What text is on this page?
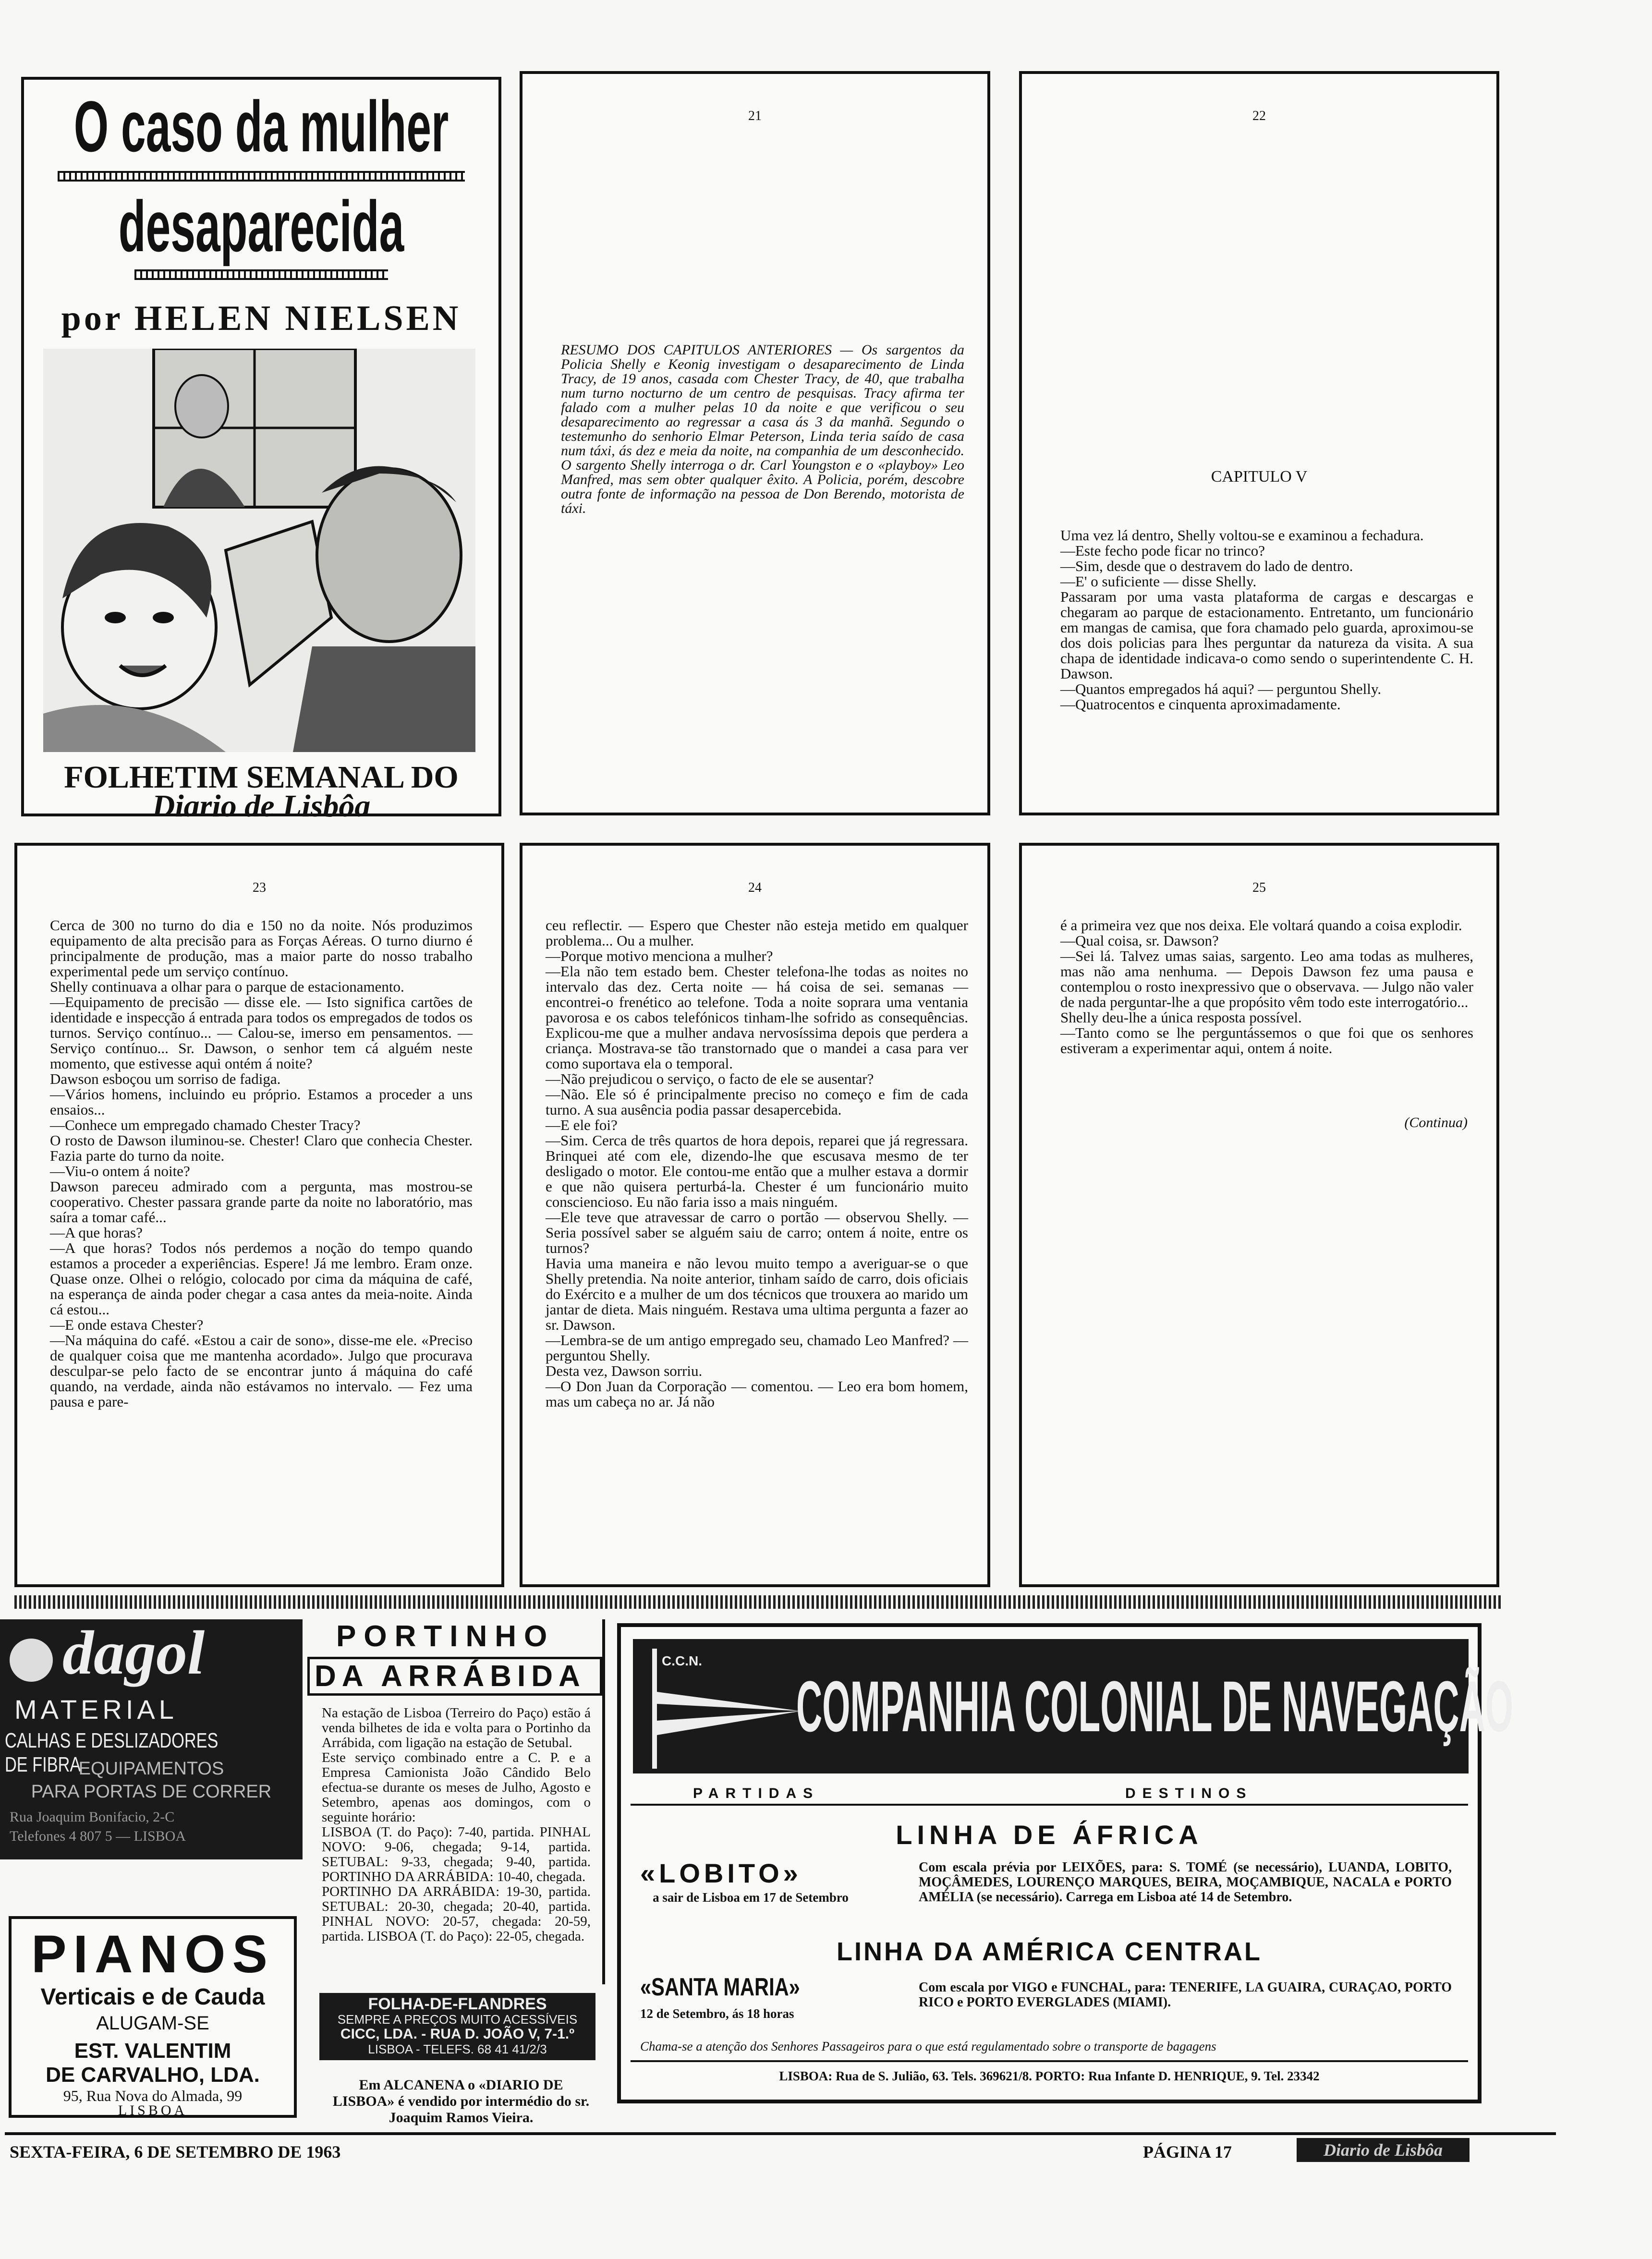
O caso da mulher
desaparecida
por HELEN NIELSEN
FOLHETIM SEMANAL DO
Diario de Lisbôa
21
RESUMO DOS CAPITULOS ANTERIORES — Os sargentos da Policia Shelly e Keonig investigam o desaparecimento de Linda Tracy, de 19 anos, casada com Chester Tracy, de 40, que trabalha num turno nocturno de um centro de pesquisas. Tracy afirma ter falado com a mulher pelas 10 da noite e que verificou o seu desaparecimento ao regressar a casa ás 3 da manhã. Segundo o testemunho do senhorio Elmar Peterson, Linda teria saído de casa num táxi, ás dez e meia da noite, na companhia de um desconhecido. O sargento Shelly interroga o dr. Carl Youngston e o «playboy» Leo Manfred, mas sem obter qualquer êxito. A Policia, porém, descobre outra fonte de informação na pessoa de Don Berendo, motorista de táxi.
22
CAPITULO V
Uma vez lá dentro, Shelly voltou-se e examinou a fechadura.
—Este fecho pode ficar no trinco?
—Sim, desde que o destravem do lado de dentro.
—E' o suficiente — disse Shelly.
Passaram por uma vasta plataforma de cargas e descargas e chegaram ao parque de estacionamento. Entretanto, um funcionário em mangas de camisa, que fora chamado pelo guarda, aproximou-se dos dois policias para lhes perguntar da natureza da visita. A sua chapa de identidade indicava-o como sendo o superintendente C. H. Dawson.
—Quantos empregados há aqui? — perguntou Shelly.
—Quatrocentos e cinquenta aproximadamente.
23
Cerca de 300 no turno do dia e 150 no da noite. Nós produzimos equipamento de alta precisão para as Forças Aéreas. O turno diurno é principalmente de produção, mas a maior parte do nosso trabalho experimental pede um serviço contínuo.
Shelly continuava a olhar para o parque de estacionamento.
—Equipamento de precisão — disse ele. — Isto significa cartões de identidade e inspecção á entrada para todos os empregados de todos os turnos. Serviço contínuo... — Calou-se, imerso em pensamentos. — Serviço contínuo... Sr. Dawson, o senhor tem cá alguém neste momento, que estivesse aqui ontém á noite?
Dawson esboçou um sorriso de fadiga.
—Vários homens, incluindo eu próprio. Estamos a proceder a uns ensaios...
—Conhece um empregado chamado Chester Tracy?
O rosto de Dawson iluminou-se. Chester! Claro que conhecia Chester. Fazia parte do turno da noite.
—Viu-o ontem á noite?
Dawson pareceu admirado com a pergunta, mas mostrou-se cooperativo. Chester passara grande parte da noite no laboratório, mas saíra a tomar café...
—A que horas?
—A que horas? Todos nós perdemos a noção do tempo quando estamos a proceder a experiências. Espere! Já me lembro. Eram onze. Quase onze. Olhei o relógio, colocado por cima da máquina de café, na esperança de ainda poder chegar a casa antes da meia-noite. Ainda cá estou...
—E onde estava Chester?
—Na máquina do café. «Estou a cair de sono», disse-me ele. «Preciso de qualquer coisa que me mantenha acordado». Julgo que procurava desculpar-se pelo facto de se encontrar junto á máquina do café quando, na verdade, ainda não estávamos no intervalo. — Fez uma pausa e pare-
24
ceu reflectir. — Espero que Chester não esteja metido em qualquer problema... Ou a mulher.
—Porque motivo menciona a mulher?
—Ela não tem estado bem. Chester telefona-lhe todas as noites no intervalo das dez. Certa noite — há coisa de sei. semanas — encontrei-o frenético ao telefone. Toda a noite soprara uma ventania pavorosa e os cabos telefónicos tinham-lhe sofrido as consequências. Explicou-me que a mulher andava nervosíssima depois que perdera a criança. Mostrava-se tão transtornado que o mandei a casa para ver como suportava ela o temporal.
—Não prejudicou o serviço, o facto de ele se ausentar?
—Não. Ele só é principalmente preciso no começo e fim de cada turno. A sua ausência podia passar desapercebida.
—E ele foi?
—Sim. Cerca de três quartos de hora depois, reparei que já regressara. Brinquei até com ele, dizendo-lhe que escusava mesmo de ter desligado o motor. Ele contou-me então que a mulher estava a dormir e que não quisera perturbá-la. Chester é um funcionário muito consciencioso. Eu não faria isso a mais ninguém.
—Ele teve que atravessar de carro o portão — observou Shelly. — Seria possível saber se alguém saiu de carro; ontem á noite, entre os turnos?
Havia uma maneira e não levou muito tempo a averiguar-se o que Shelly pretendia. Na noite anterior, tinham saído de carro, dois oficiais do Exército e a mulher de um dos técnicos que trouxera ao marido um jantar de dieta. Mais ninguém. Restava uma ultima pergunta a fazer ao sr. Dawson.
—Lembra-se de um antigo empregado seu, chamado Leo Manfred? — perguntou Shelly.
Desta vez, Dawson sorriu.
—O Don Juan da Corporação — comentou. — Leo era bom homem, mas um cabeça no ar. Já não
25
é a primeira vez que nos deixa. Ele voltará quando a coisa explodir.
—Qual coisa, sr. Dawson?
—Sei lá. Talvez umas saias, sargento. Leo ama todas as mulheres, mas não ama nenhuma. — Depois Dawson fez uma pausa e contemplou o rosto inexpressivo que o observava. — Julgo não valer de nada perguntar-lhe a que propósito vêm todo este interrogatório...
Shelly deu-lhe a única resposta possível.
—Tanto como se lhe perguntássemos o que foi que os senhores estiveram a experimentar aqui, ontem á noite.
(Continua)
dagol
MATERIAL
CALHAS E DESLIZADORES DE FIBRA
EQUIPAMENTOS
PARA PORTAS DE CORRER
Rua Joaquim Bonifacio, 2-C
Telefones 4 807 5 — LISBOA
PIANOS
Verticais e de Cauda
ALUGAM-SE
EST. VALENTIM
DE CARVALHO, LDA.
95, Rua Nova do Almada, 99
LISBOA
PORTINHO
DA ARRÁBIDA
Na estação de Lisboa (Terreiro do Paço) estão á venda bilhetes de ida e volta para o Portinho da Arrábida, com ligação na estação de Setubal.
Este serviço combinado entre a C. P. e a Empresa Camionista João Cândido Belo efectua-se durante os meses de Julho, Agosto e Setembro, apenas aos domingos, com o seguinte horário:
LISBOA (T. do Paço): 7-40, partida. PINHAL NOVO: 9-06, chegada; 9-14, partida. SETUBAL: 9-33, chegada; 9-40, partida. PORTINHO DA ARRÁBIDA: 10-40, chegada.
PORTINHO DA ARRÁBIDA: 19-30, partida. SETUBAL: 20-30, chegada; 20-40, partida. PINHAL NOVO: 20-57, chegada: 20-59, partida. LISBOA (T. do Paço): 22-05, chegada.
FOLHA-DE-FLANDRES
SEMPRE A PREÇOS MUITO ACESSÍVEIS
CICC, LDA. - RUA D. JOÃO V, 7-1.º
LISBOA - TELEFS. 68 41 41/2/3
Em ALCANENA o «DIARIO DE LISBOA» é vendido por intermédio do sr. Joaquim Ramos Vieira.
C.C.N.
COMPANHIA COLONIAL DE NAVEGAÇÃO
PARTIDAS	DESTINOS
LINHA DE ÁFRICA
«LOBITO»
a sair de Lisboa em 17 de Setembro
Com escala prévia por LEIXÕES, para: S. TOMÉ (se necessário), LUANDA, LOBITO, MOÇÂMEDES, LOURENÇO MARQUES, BEIRA, MOÇAMBIQUE, NACALA e PORTO AMÉLIA (se necessário). Carrega em Lisboa até 14 de Setembro.
LINHA DA AMÉRICA CENTRAL
«SANTA MARIA»
12 de Setembro, ás 18 horas
Com escala por VIGO e FUNCHAL, para: TENERIFE, LA GUAIRA, CURAÇAO, PORTO RICO e PORTO EVERGLADES (MIAMI).
Chama-se a atenção dos Senhores Passageiros para o que está regulamentado sobre o transporte de bagagens
LISBOA: Rua de S. Julião, 63. Tels. 369621/8. PORTO: Rua Infante D. HENRIQUE, 9. Tel. 23342
SEXTA-FEIRA, 6 DE SETEMBRO DE 1963	PÁGINA 17	Diario de Lisbôa
